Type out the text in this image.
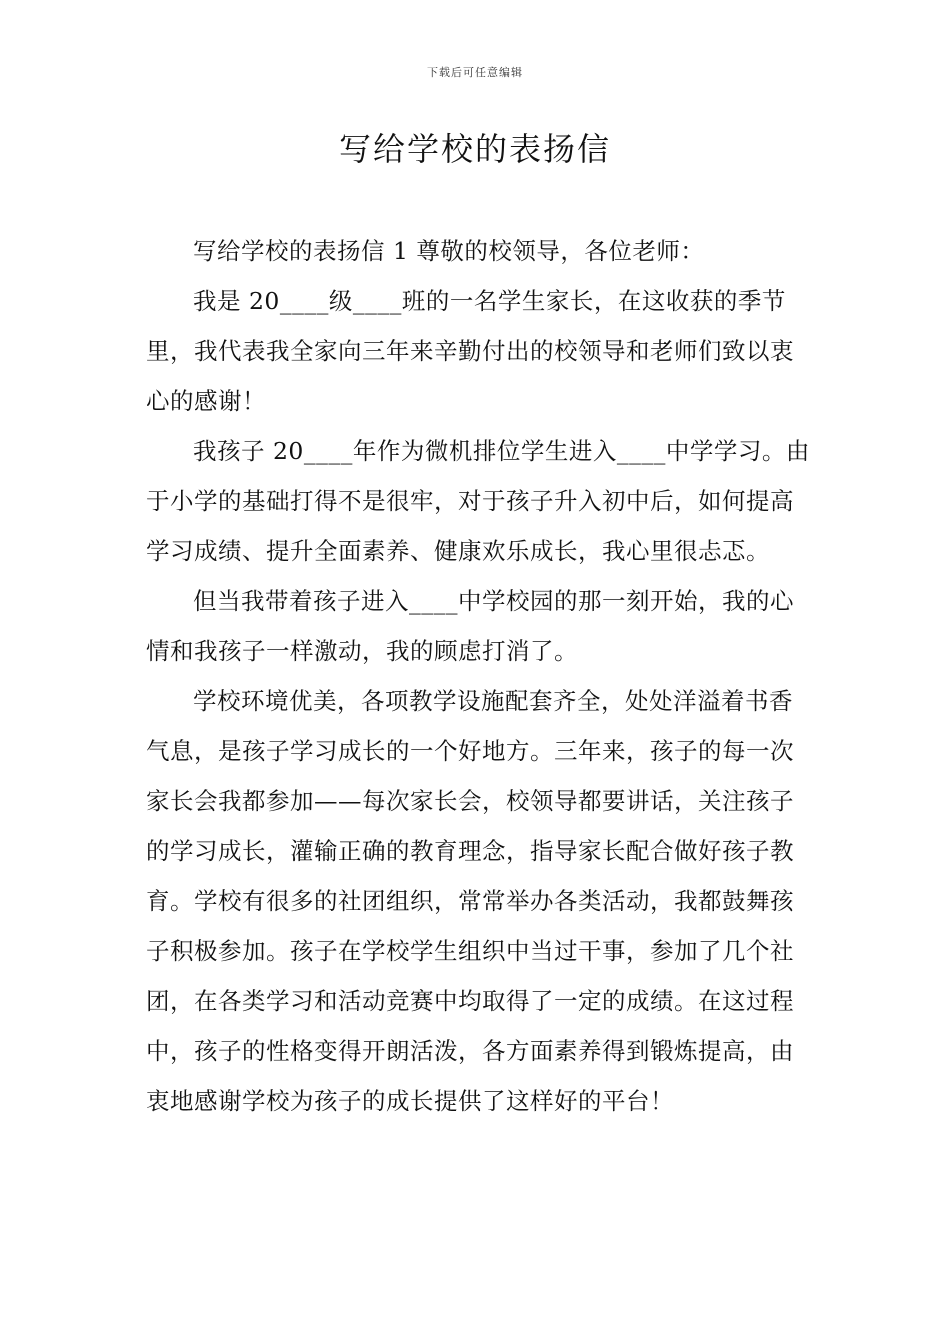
下载后可任意编辑
写给学校的表扬信

写给学校的表扬信 1 尊敬的校领导，各位老师：

我是 20____级____班的一名学生家长，在这收获的季节里，我代表我全家向三年来辛勤付出的校领导和老师们致以衷心的感谢！

我孩子 20____年作为微机排位学生进入____中学学习。由于小学的基础打得不是很牢，对于孩子升入初中后，如何提高学习成绩、提升全面素养、健康欢乐成长，我心里很忐忑。

但当我带着孩子进入____中学校园的那一刻开始，我的心情和我孩子一样激动，我的顾虑打消了。

学校环境优美，各项教学设施配套齐全，处处洋溢着书香气息，是孩子学习成长的一个好地方。三年来，孩子的每一次家长会我都参加——每次家长会，校领导都要讲话，关注孩子的学习成长，灌输正确的教育理念，指导家长配合做好孩子教育。学校有很多的社团组织，常常举办各类活动，我都鼓舞孩子积极参加。孩子在学校学生组织中当过干事，参加了几个社团，在各类学习和活动竞赛中均取得了一定的成绩。在这过程中，孩子的性格变得开朗活泼，各方面素养得到锻炼提高，由衷地感谢学校为孩子的成长提供了这样好的平台！
